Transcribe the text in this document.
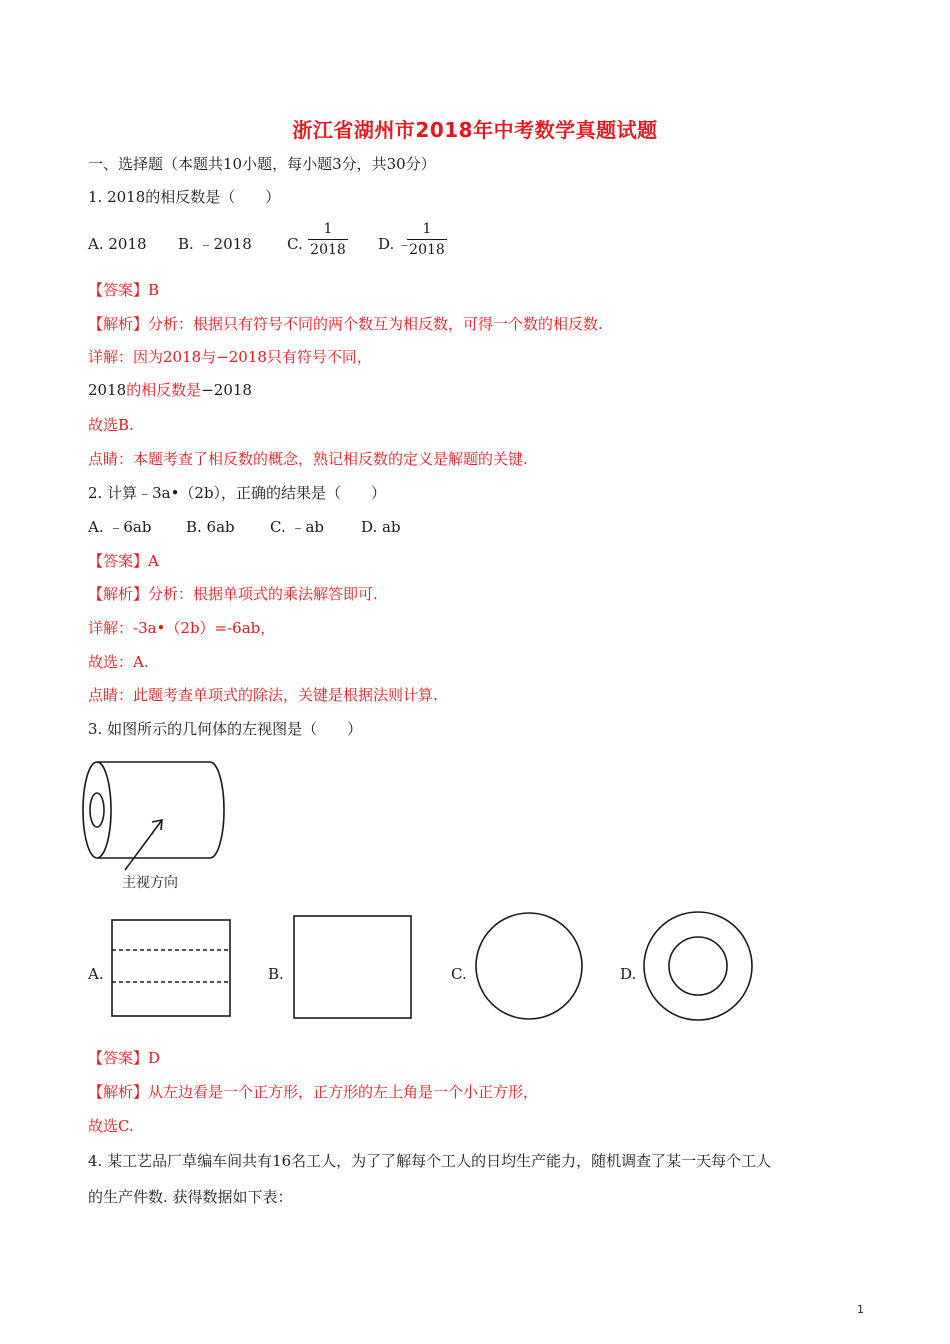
浙江省湖州市2018年中考数学真题试题
一、选择题（本题共10小题，每小题3分，共30分）
1. 2018的相反数是（　　）
A. 2018 B. ﹣2018 C.
1
2018 D. ﹣
1
2018
【答案】B
【解析】分析：根据只有符号不同的两个数互为相反数，可得一个数的相反数.
详解：因为2018与−2018只有符号不同，
2018的相反数是−2018
故选B.
点睛：本题考查了相反数的概念，熟记相反数的定义是解题的关键.
2. 计算﹣3a•（2b），正确的结果是（　　）
A. ﹣6ab B. 6ab C. ﹣ab D. ab
【答案】A
【解析】分析：根据单项式的乘法解答即可.
详解：-3a•（2b）=-6ab，
故选：A.
点睛：此题考查单项式的除法，关键是根据法则计算.
3. 如图所示的几何体的左视图是（　　）
主视方向
A.	B.	C.	D.
【答案】D
【解析】从左边看是一个正方形，正方形的左上角是一个小正方形，
故选C.
4. 某工艺品厂草编车间共有16名工人，为了了解每个工人的日均生产能力，随机调查了某一天每个工人
的生产件数. 获得数据如下表：
1
